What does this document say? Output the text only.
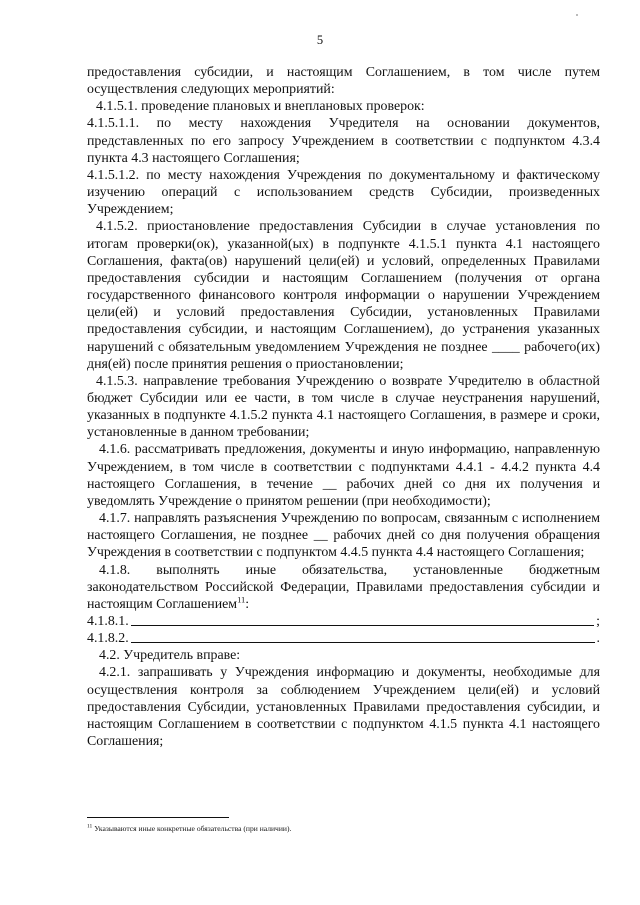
5

предоставления субсидии, и настоящим Соглашением, в том числе путем осуществления следующих мероприятий:

4.1.5.1. проведение плановых и внеплановых проверок:

4.1.5.1.1. по месту нахождения Учредителя на основании документов, представленных по его запросу Учреждением в соответствии с подпунктом 4.3.4 пункта 4.3 настоящего Соглашения;

4.1.5.1.2. по месту нахождения Учреждения по документальному и фактическому изучению операций с использованием средств Субсидии, произведенных Учреждением;

4.1.5.2. приостановление предоставления Субсидии в случае установления по итогам проверки(ок), указанной(ых) в подпункте 4.1.5.1 пункта 4.1 настоящего Соглашения, факта(ов) нарушений цели(ей) и условий, определенных Правилами предоставления субсидии и настоящим Соглашением (получения от органа государственного финансового контроля информации о нарушении Учреждением цели(ей) и условий предоставления Субсидии, установленных Правилами предоставления субсидии, и настоящим Соглашением), до устранения указанных нарушений с обязательным уведомлением Учреждения не позднее ____ рабочего(их) дня(ей) после принятия решения о приостановлении;

4.1.5.3. направление требования Учреждению о возврате Учредителю в областной бюджет Субсидии или ее части, в том числе в случае неустранения нарушений, указанных в подпункте 4.1.5.2 пункта 4.1 настоящего Соглашения, в размере и сроки, установленные в данном требовании;

4.1.6. рассматривать предложения, документы и иную информацию, направленную Учреждением, в том числе в соответствии с подпунктами 4.4.1 - 4.4.2 пункта 4.4 настоящего Соглашения, в течение __ рабочих дней со дня их получения и уведомлять Учреждение о принятом решении (при необходимости);

4.1.7. направлять разъяснения Учреждению по вопросам, связанным с исполнением настоящего Соглашения, не позднее __ рабочих дней со дня получения обращения Учреждения в соответствии с подпунктом 4.4.5 пункта 4.4 настоящего Соглашения;

4.1.8. выполнять иные обязательства, установленные бюджетным законодательством Российской Федерации, Правилами предоставления субсидии и настоящим Соглашением$^{11}$:

4.1.8.1.	;

4.1.8.2.	.

4.2. Учредитель вправе:

4.2.1. запрашивать у Учреждения информацию и документы, необходимые для осуществления контроля за соблюдением Учреждением цели(ей) и условий предоставления Субсидии, установленных Правилами предоставления субсидии, и настоящим Соглашением в соответствии с подпунктом 4.1.5 пункта 4.1 настоящего Соглашения;

$^{11}$ Указываются иные конкретные обязательства (при наличии).
